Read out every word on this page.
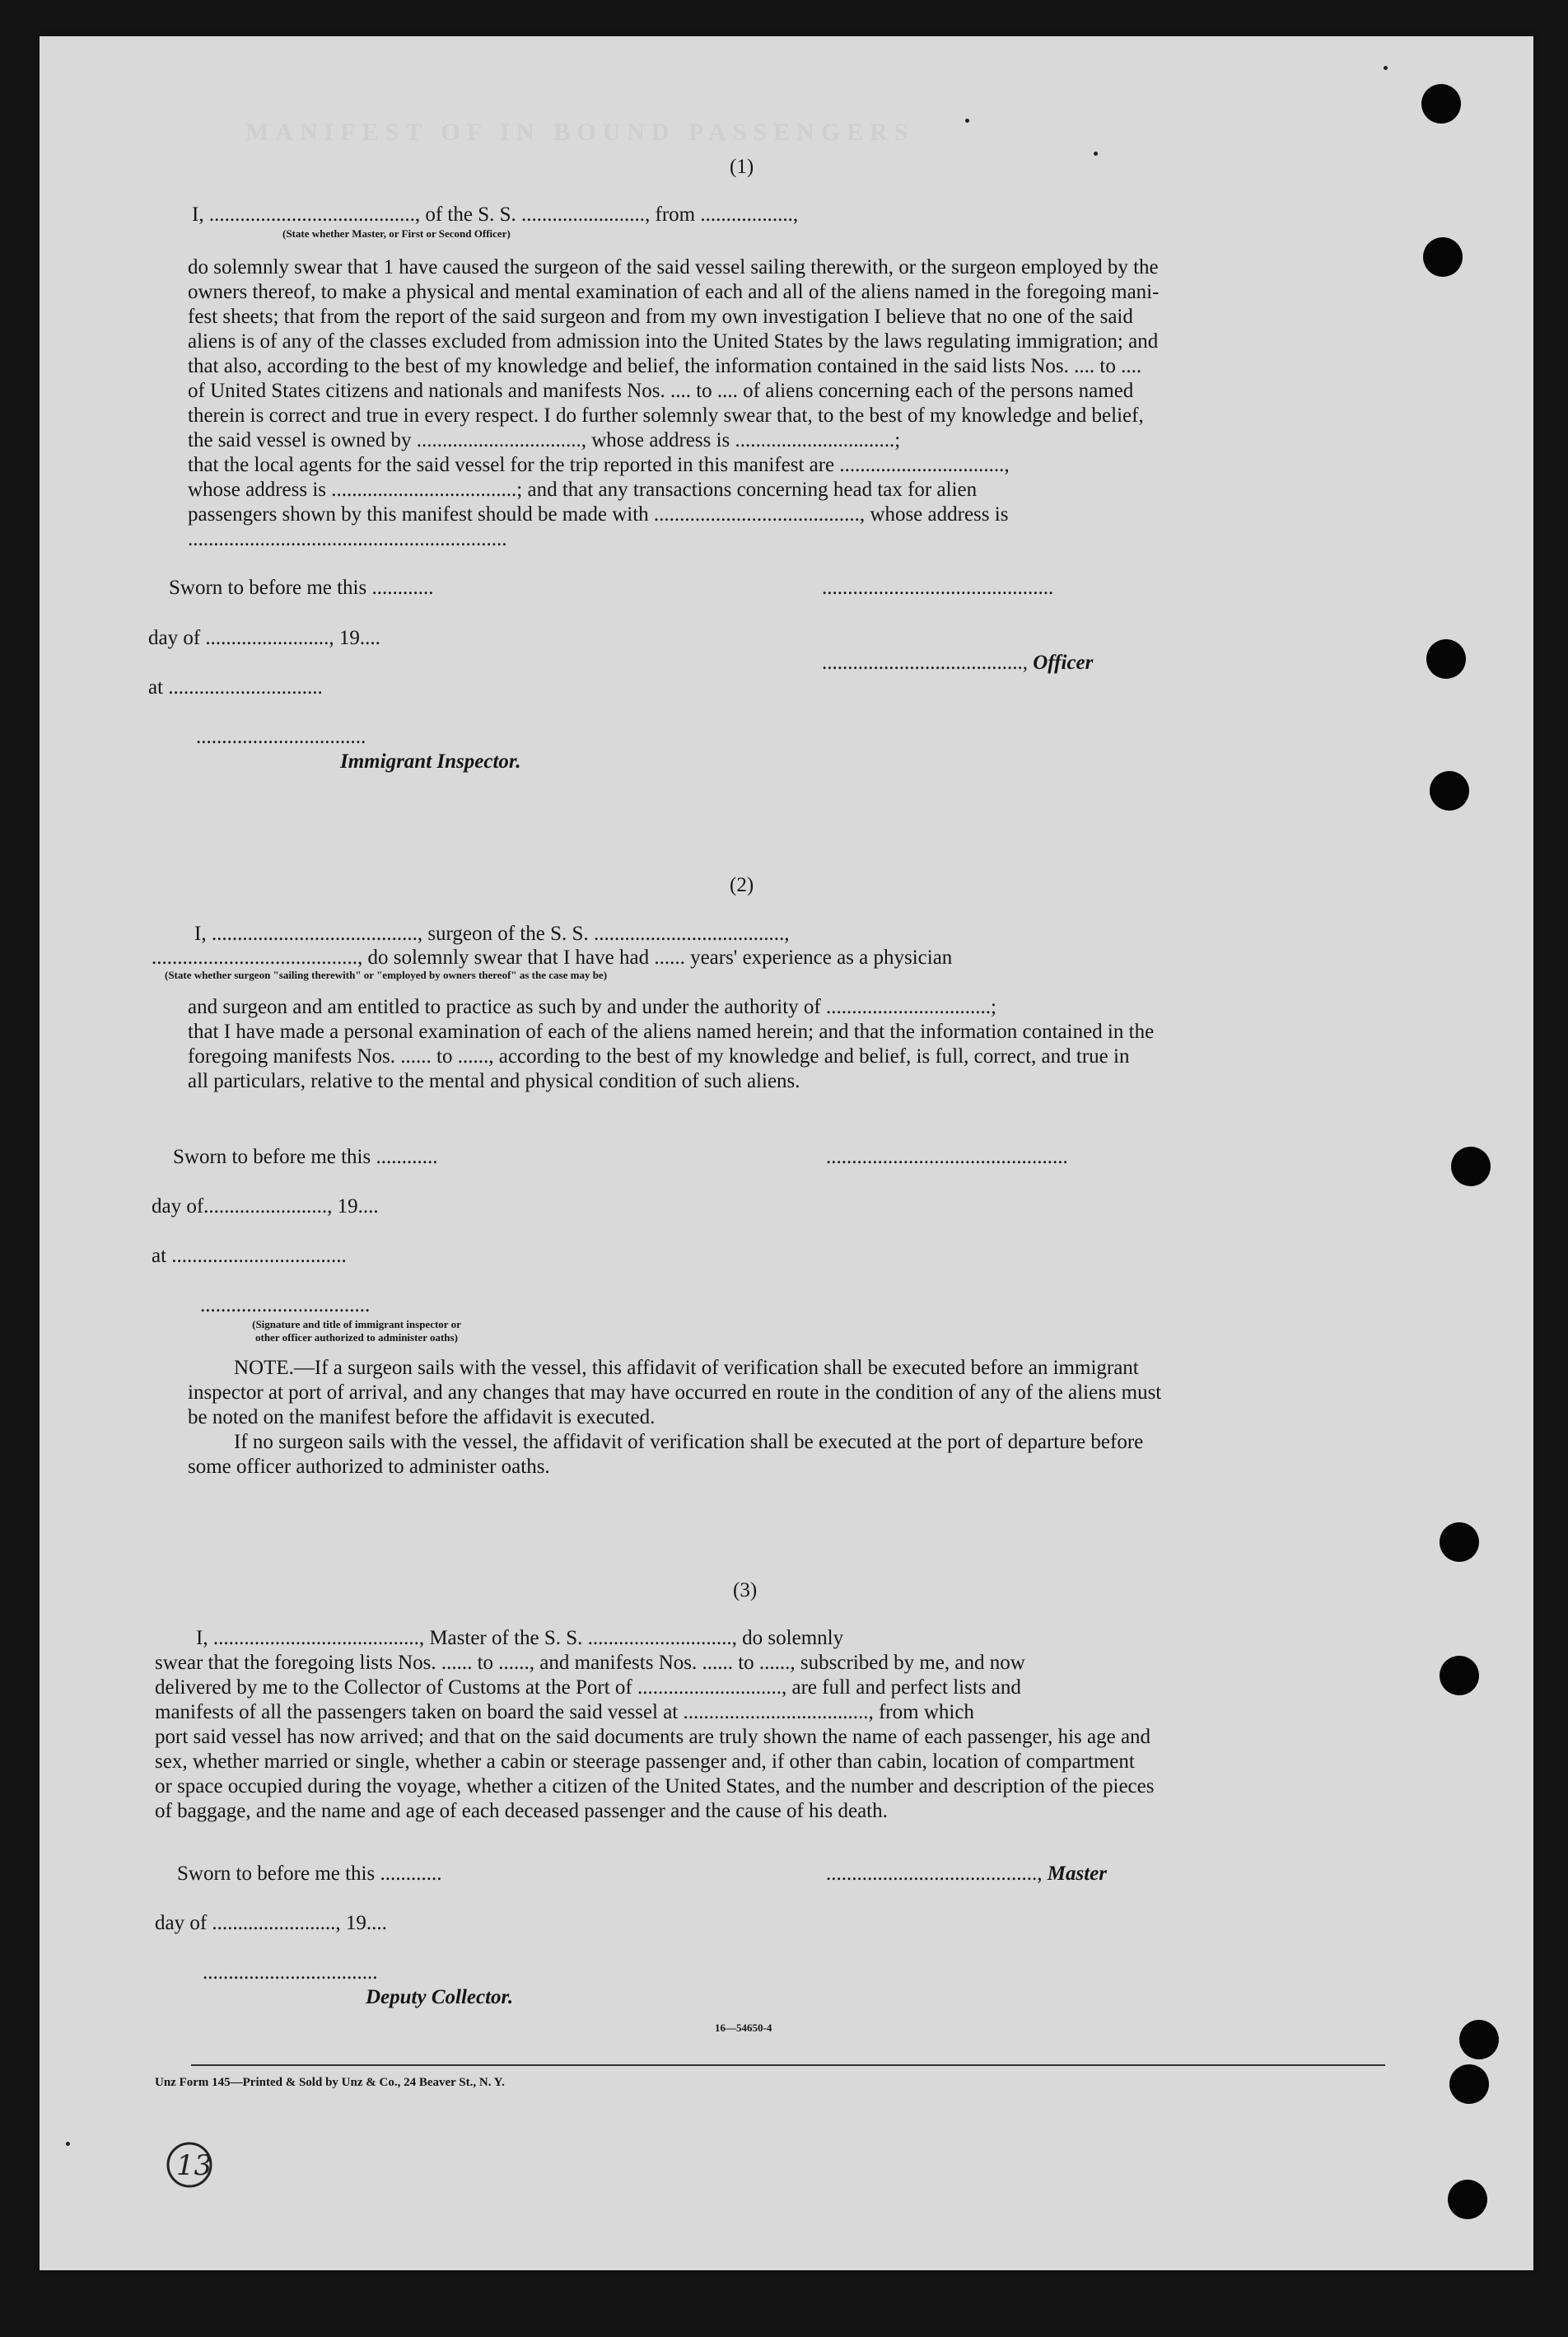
MANIFEST OF IN BOUND PASSENGERS
(1)
I, ........................................, of the S. S. ........................, from ..................,
(State whether Master, or First or Second Officer)
do solemnly swear that 1 have caused the surgeon of the said vessel sailing therewith, or the surgeon employed by the
owners thereof, to make a physical and mental examination of each and all of the aliens named in the foregoing mani-
fest sheets; that from the report of the said surgeon and from my own investigation I believe that no one of the said
aliens is of any of the classes excluded from admission into the United States by the laws regulating immigration; and
that also, according to the best of my knowledge and belief, the information contained in the said lists Nos. .... to ....
of United States citizens and nationals and manifests Nos. .... to .... of aliens concerning each of the persons named
therein is correct and true in every respect. I do further solemnly swear that, to the best of my knowledge and belief,
the said vessel is owned by ................................, whose address is ...............................;
that the local agents for the said vessel for the trip reported in this manifest are ................................,
whose address is ....................................; and that any transactions concerning head tax for alien
passengers shown by this manifest should be made with ........................................, whose address is
..............................................................
Sworn to before me this ............	.............................................
day of ........................, 19....
......................................., Officer
at ..............................
.................................
Immigrant Inspector.
(2)
I, ........................................, surgeon of the S. S. .....................................,
........................................, do solemnly swear that I have had ...... years' experience as a physician
(State whether surgeon "sailing therewith" or "employed by owners thereof" as the case may be)
and surgeon and am entitled to practice as such by and under the authority of ................................;
that I have made a personal examination of each of the aliens named herein; and that the information contained in the
foregoing manifests Nos. ...... to ......, according to the best of my knowledge and belief, is full, correct, and true in
all particulars, relative to the mental and physical condition of such aliens.
Sworn to before me this ............	...............................................
day of........................, 19....
at ..................................
.................................
(Signature and title of immigrant inspector or
other officer authorized to administer oaths)
NOTE.—If a surgeon sails with the vessel, this affidavit of verification shall be executed before an immigrant
inspector at port of arrival, and any changes that may have occurred en route in the condition of any of the aliens must
be noted on the manifest before the affidavit is executed.
If no surgeon sails with the vessel, the affidavit of verification shall be executed at the port of departure before
some officer authorized to administer oaths.
(3)
I, ........................................, Master of the S. S. ............................, do solemnly
swear that the foregoing lists Nos. ...... to ......, and manifests Nos. ...... to ......, subscribed by me, and now
delivered by me to the Collector of Customs at the Port of ............................, are full and perfect lists and
manifests of all the passengers taken on board the said vessel at ...................................., from which
port said vessel has now arrived; and that on the said documents are truly shown the name of each passenger, his age and
sex, whether married or single, whether a cabin or steerage passenger and, if other than cabin, location of compartment
or space occupied during the voyage, whether a citizen of the United States, and the number and description of the pieces
of baggage, and the name and age of each deceased passenger and the cause of his death.
Sworn to before me this ............	........................................., Master
day of ........................, 19....
..................................
Deputy Collector.
16—54650-4
Unz Form 145—Printed & Sold by Unz & Co., 24 Beaver St., N. Y.
13
